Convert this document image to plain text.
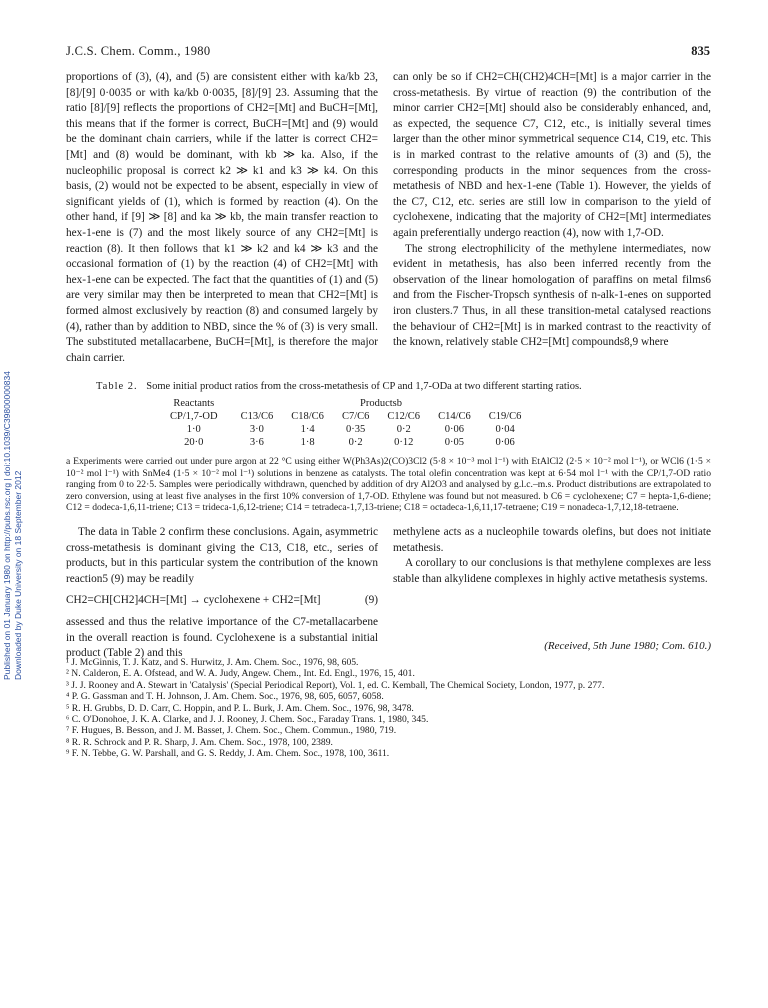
Published on 01 January 1980 on http://pubs.rsc.org | doi:10.1039/C39800000834 Downloaded by Duke University on 18 September 2012
J.C.S. Chem. Comm., 1980	835

proportions of (3), (4), and (5) are consistent either with ka/kb 23, [8]/[9] 0·0035 or with ka/kb 0·0035, [8]/[9] 23. Assuming that the ratio [8]/[9] reflects the proportions of CH2=[Mt] and BuCH=[Mt], this means that if the former is correct, BuCH=[Mt] and (9) would be the dominant chain carriers, while if the latter is correct CH2=[Mt] and (8) would be dominant, with kb ≫ ka. Also, if the nucleophilic proposal is correct k2 ≫ k1 and k3 ≫ k4. On this basis, (2) would not be expected to be absent, especially in view of significant yields of (1), which is formed by reaction (4). On the other hand, if [9] ≫ [8] and ka ≫ kb, the main transfer reaction to hex-1-ene is (7) and the most likely source of any CH2=[Mt] is reaction (8). It then follows that k1 ≫ k2 and k4 ≫ k3 and the occasional formation of (1) by the reaction (4) of CH2=[Mt] with hex-1-ene can be expected. The fact that the quantities of (1) and (5) are very similar may then be interpreted to mean that CH2=[Mt] is formed almost exclusively by reaction (8) and consumed largely by (4), rather than by addition to NBD, since the % of (3) is very small. The substituted metallacarbene, BuCH=[Mt], is therefore the major chain carrier.

can only be so if CH2=CH(CH2)4CH=[Mt] is a major carrier in the cross-metathesis. By virtue of reaction (9) the contribution of the minor carrier CH2=[Mt] should also be considerably enhanced, and, as expected, the sequence C7, C12, etc., is initially several times larger than the other minor symmetrical sequence C14, C19, etc. This is in marked contrast to the relative amounts of (3) and (5), the corresponding products in the minor sequences from the cross-metathesis of NBD and hex-1-ene (Table 1). However, the yields of the C7, C12, etc. series are still low in comparison to the yield of cyclohexene, indicating that the majority of CH2=[Mt] intermediates again preferentially undergo reaction (4), now with 1,7-OD.

The strong electrophilicity of the methylene intermediates, now evident in metathesis, has also been inferred recently from the observation of the linear homologation of paraffins on metal films6 and from the Fischer-Tropsch synthesis of n-alk-1-enes on supported iron clusters.7 Thus, in all these transition-metal catalysed reactions the behaviour of CH2=[Mt] is in marked contrast to the reactivity of the known, relatively stable CH2=[Mt] compounds8,9 where

Table 2. Some initial product ratios from the cross-metathesis of CP and 1,7-ODa at two different starting ratios.
Reactants	Productsb					
CP/1,7-OD	C13/C6	C18/C6	C7/C6	C12/C6	C14/C6	C19/C6
1·0	3·0	1·4	0·35	0·2	0·06	0·04
20·0	3·6	1·8	0·2	0·12	0·05	0·06
a Experiments were carried out under pure argon at 22 °C using either W(Ph3As)2(CO)3Cl2 (5·8 × 10⁻³ mol l⁻¹) with EtAlCl2 (2·5 × 10⁻² mol l⁻¹), or WCl6 (1·5 × 10⁻² mol l⁻¹) with SnMe4 (1·5 × 10⁻² mol l⁻¹) solutions in benzene as catalysts. The total olefin concentration was kept at 6·54 mol l⁻¹ with the CP/1,7-OD ratio ranging from 0 to 22·5. Samples were periodically withdrawn, quenched by addition of dry Al2O3 and analysed by g.l.c.–m.s. Product distributions are extrapolated to zero conversion, using at least five analyses in the first 10% conversion of 1,7-OD. Ethylene was found but not measured. b C6 = cyclohexene; C7 = hepta-1,6-diene; C12 = dodeca-1,6,11-triene; C13 = trideca-1,6,12-triene; C14 = tetradeca-1,7,13-triene; C18 = octadeca-1,6,11,17-tetraene; C19 = nonadeca-1,7,12,18-tetraene.

The data in Table 2 confirm these conclusions. Again, asymmetric cross-metathesis is dominant giving the C13, C18, etc., series of products, but in this particular system the contribution of the known reaction5 (9) may be readily

CH2=CH[CH2]4CH=[Mt] → cyclohexene + CH2=[Mt]	(9)

assessed and thus the relative importance of the C7-metallacarbene in the overall reaction is found. Cyclohexene is a substantial initial product (Table 2) and this

methylene acts as a nucleophile towards olefins, but does not initiate metathesis.

A corollary to our conclusions is that methylene complexes are less stable than alkylidene complexes in highly active metathesis systems.

(Received, 5th June 1980; Com. 610.)
¹ J. McGinnis, T. J. Katz, and S. Hurwitz, J. Am. Chem. Soc., 1976, 98, 605.
² N. Calderon, E. A. Ofstead, and W. A. Judy, Angew. Chem., Int. Ed. Engl., 1976, 15, 401.
³ J. J. Rooney and A. Stewart in 'Catalysis' (Special Periodical Report), Vol. 1, ed. C. Kemball, The Chemical Society, London, 1977, p. 277.
⁴ P. G. Gassman and T. H. Johnson, J. Am. Chem. Soc., 1976, 98, 605, 6057, 6058.
⁵ R. H. Grubbs, D. D. Carr, C. Hoppin, and P. L. Burk, J. Am. Chem. Soc., 1976, 98, 3478.
⁶ C. O'Donohoe, J. K. A. Clarke, and J. J. Rooney, J. Chem. Soc., Faraday Trans. 1, 1980, 345.
⁷ F. Hugues, B. Besson, and J. M. Basset, J. Chem. Soc., Chem. Commun., 1980, 719.
⁸ R. R. Schrock and P. R. Sharp, J. Am. Chem. Soc., 1978, 100, 2389.
⁹ F. N. Tebbe, G. W. Parshall, and G. S. Reddy, J. Am. Chem. Soc., 1978, 100, 3611.
